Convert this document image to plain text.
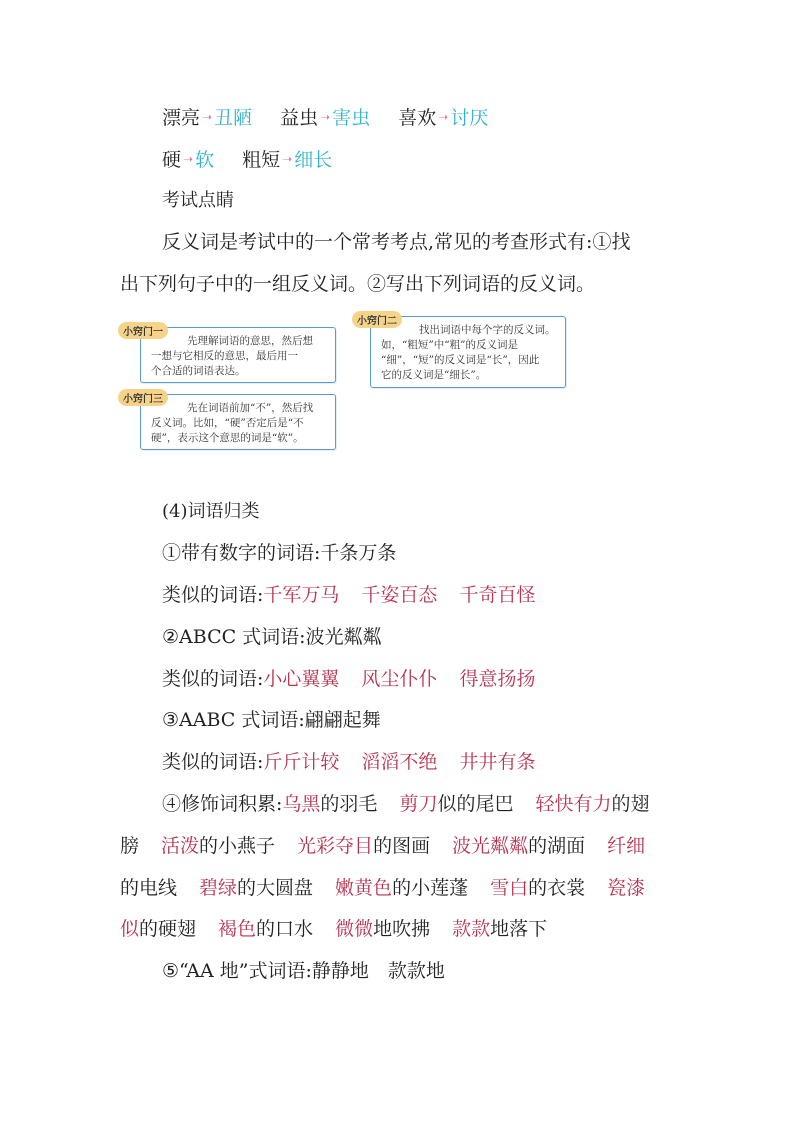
漂亮 ➝ 丑陋 益虫 ➝ 害虫 喜欢 ➝ 讨厌
硬 ➝ 软 粗短 ➝ 细长
考试点睛
反义词是考试中的一个常考考点,常见的考查形式有:①找
出下列句子中的一组反义词。②写出下列词语的反义词。
先理解词语的意思，然后想
一想与它相反的意思，最后用一
个合适的词语表达。
小窍门一	找出词语中每个字的反义词。
如，“粗短”中“粗”的反义词是
“细”，“短”的反义词是“长”，因此
它的反义词是“细长”。
小窍门二
先在词语前加“不”，然后找
反义词。比如，“硬”否定后是“不
硬”，表示这个意思的词是“软”。
小窍门三
(4)词语归类
①带有数字的词语:千条万条
类似的词语:千军万马 千姿百态 千奇百怪
②ABCC 式词语:波光粼粼
类似的词语:小心翼翼 风尘仆仆 得意扬扬
③AABC 式词语:翩翩起舞
类似的词语:斤斤计较 滔滔不绝 井井有条
④修饰词积累:乌黑的羽毛 剪刀似的尾巴 轻快有力的翅
膀 活泼的小燕子 光彩夺目的图画 波光粼粼的湖面 纤细
的电线 碧绿的大圆盘 嫩黄色的小莲蓬 雪白的衣裳 瓷漆
似的硬翅 褐色的口水 微微地吹拂 款款地落下
⑤“AA 地”式词语:静静地　款款地
